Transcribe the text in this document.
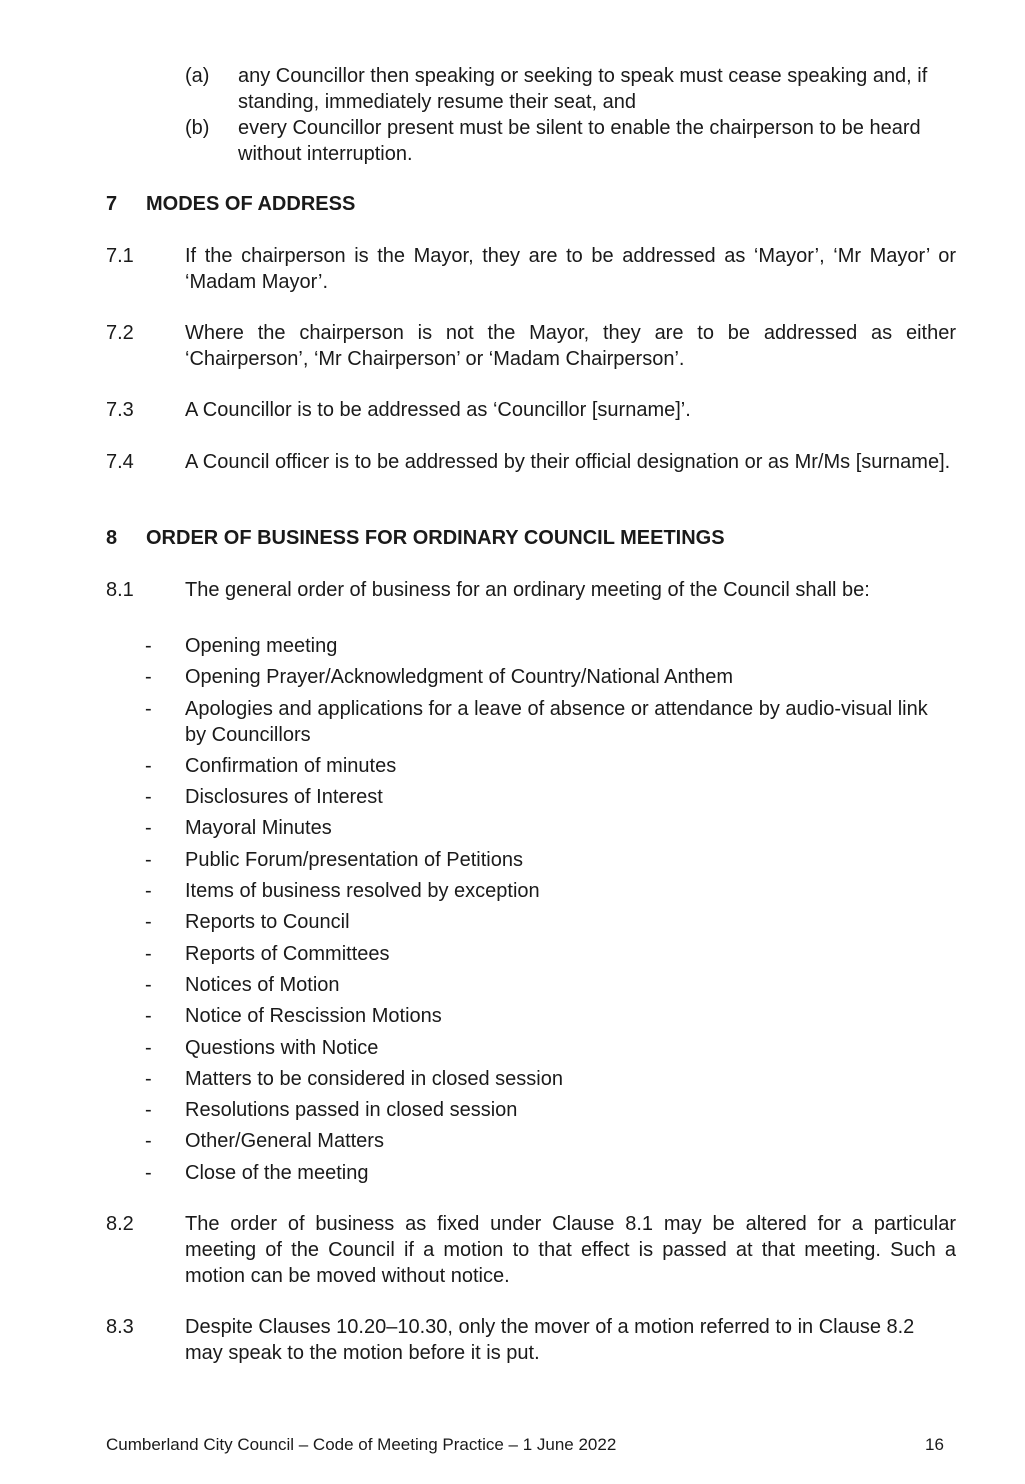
(a)	any Councillor then speaking or seeking to speak must cease speaking and, if standing, immediately resume their seat, and
(b)	every Councillor present must be silent to enable the chairperson to be heard without interruption.
7 MODES OF ADDRESS
7.1	If the chairperson is the Mayor, they are to be addressed as ‘Mayor’, ‘Mr Mayor’ or ‘Madam Mayor’.
7.2	Where the chairperson is not the Mayor, they are to be addressed as either ‘Chairperson’, ‘Mr Chairperson’ or ‘Madam Chairperson’.
7.3	A Councillor is to be addressed as ‘Councillor [surname]’.
7.4	A Council officer is to be addressed by their official designation or as Mr/Ms [surname].
8 ORDER OF BUSINESS FOR ORDINARY COUNCIL MEETINGS
8.1	The general order of business for an ordinary meeting of the Council shall be:
- Opening meeting
- Opening Prayer/Acknowledgment of Country/National Anthem
- Apologies and applications for a leave of absence or attendance by audio-visual link by Councillors
- Confirmation of minutes
- Disclosures of Interest
- Mayoral Minutes
- Public Forum/presentation of Petitions
- Items of business resolved by exception
- Reports to Council
- Reports of Committees
- Notices of Motion
- Notice of Rescission Motions
- Questions with Notice
- Matters to be considered in closed session
- Resolutions passed in closed session
- Other/General Matters
- Close of the meeting
8.2	The order of business as fixed under Clause 8.1 may be altered for a particular meeting of the Council if a motion to that effect is passed at that meeting. Such a motion can be moved without notice.
8.3	Despite Clauses 10.20–10.30, only the mover of a motion referred to in Clause 8.2 may speak to the motion before it is put.
Cumberland City Council – Code of Meeting Practice – 1 June 2022	16
